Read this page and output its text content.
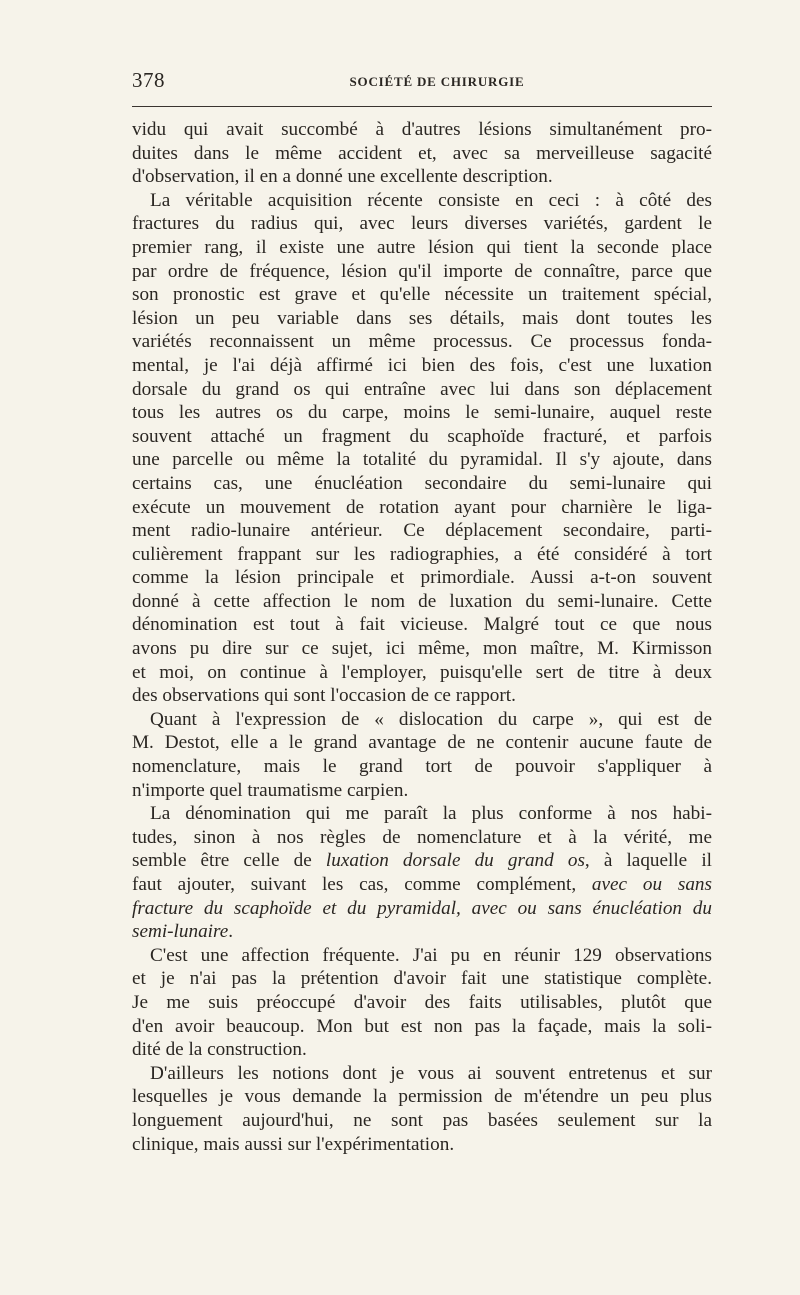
378	SOCIÉTÉ DE CHIRURGIE

vidu qui avait succombé à d'autres lésions simultanément pro-
duites dans le même accident et, avec sa merveilleuse sagacité
d'observation, il en a donné une excellente description.

La véritable acquisition récente consiste en ceci : à côté des
fractures du radius qui, avec leurs diverses variétés, gardent le
premier rang, il existe une autre lésion qui tient la seconde place
par ordre de fréquence, lésion qu'il importe de connaître, parce que
son pronostic est grave et qu'elle nécessite un traitement spécial,
lésion un peu variable dans ses détails, mais dont toutes les
variétés reconnaissent un même processus. Ce processus fonda-
mental, je l'ai déjà affirmé ici bien des fois, c'est une luxation
dorsale du grand os qui entraîne avec lui dans son déplacement
tous les autres os du carpe, moins le semi-lunaire, auquel reste
souvent attaché un fragment du scaphoïde fracturé, et parfois
une parcelle ou même la totalité du pyramidal. Il s'y ajoute, dans
certains cas, une énucléation secondaire du semi-lunaire qui
exécute un mouvement de rotation ayant pour charnière le liga-
ment radio-lunaire antérieur. Ce déplacement secondaire, parti-
culièrement frappant sur les radiographies, a été considéré à tort
comme la lésion principale et primordiale. Aussi a-t-on souvent
donné à cette affection le nom de luxation du semi-lunaire. Cette
dénomination est tout à fait vicieuse. Malgré tout ce que nous
avons pu dire sur ce sujet, ici même, mon maître, M. Kirmisson
et moi, on continue à l'employer, puisqu'elle sert de titre à deux
des observations qui sont l'occasion de ce rapport.

Quant à l'expression de « dislocation du carpe », qui est de
M. Destot, elle a le grand avantage de ne contenir aucune faute de
nomenclature, mais le grand tort de pouvoir s'appliquer à
n'importe quel traumatisme carpien.

La dénomination qui me paraît la plus conforme à nos habi-
tudes, sinon à nos règles de nomenclature et à la vérité, me
semble être celle de luxation dorsale du grand os, à laquelle il
faut ajouter, suivant les cas, comme complément, avec ou sans
fracture du scaphoïde et du pyramidal, avec ou sans énucléation du
semi-lunaire.

C'est une affection fréquente. J'ai pu en réunir 129 observations
et je n'ai pas la prétention d'avoir fait une statistique complète.
Je me suis préoccupé d'avoir des faits utilisables, plutôt que
d'en avoir beaucoup. Mon but est non pas la façade, mais la soli-
dité de la construction.

D'ailleurs les notions dont je vous ai souvent entretenus et sur
lesquelles je vous demande la permission de m'étendre un peu plus
longuement aujourd'hui, ne sont pas basées seulement sur la
clinique, mais aussi sur l'expérimentation.
